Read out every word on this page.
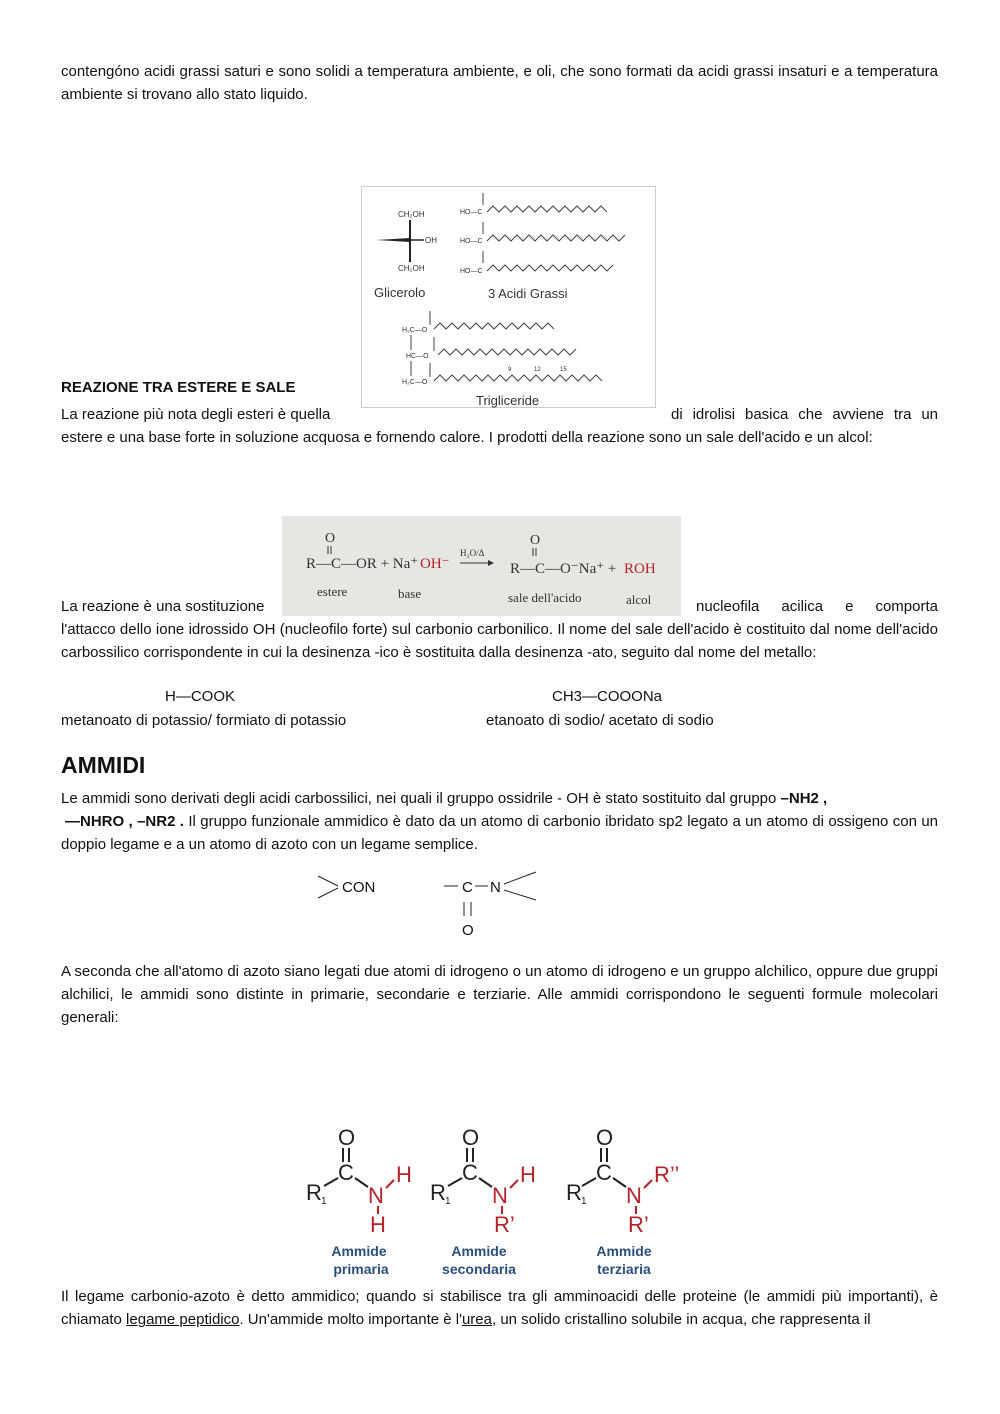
contengóno acidi grassi saturi e sono solidi a temperatura ambiente, e oli, che sono formati da acidi grassi insaturi e a temperatura ambiente si trovano allo stato liquido.
CH₂OH
OH
CH₂OH
Glicerolo
HO—C
HO—C
HO—C
3 Acidi Grassi
H₂C—O
HC—O
H₂C—O
9	12	15
Trigliceride
REAZIONE TRA ESTERE E SALE
La reazione più nota degli esteri è quella	di idrolisi basica che avviene tra un
estere e una base forte in soluzione acquosa e fornendo calore. I prodotti della reazione sono un sale dell'acido e un alcol:
O
R—C—OR + Na⁺ OH⁻
H₂O/Δ
O
R—C—O⁻Na⁺ + ROH
estere	base	sale dell'acido	alcol
La reazione è una sostituzione	nucleofila acilica e comporta
l'attacco dello ione idrossido OH (nucleofilo forte) sul carbonio carbonilico. Il nome del sale dell'acido è costituito dal nome dell'acido carbossilico corrispondente in cui la desinenza -ico è sostituita dalla desinenza -ato, seguito dal nome del metallo:
H—COOK	CH3—COOONa
metanoato di potassio/ formiato di potassio	etanoato di sodio/ acetato di sodio
AMMIDI
Le ammidi sono derivati degli acidi carbossilici, nei quali il gruppo ossidrile - OH è stato sostituito dal gruppo –NH2 ,
—NHRO , –NR2 . Il gruppo funzionale ammidico è dato da un atomo di carbonio ibridato sp2 legato a un atomo di ossigeno con un doppio legame e a un atomo di azoto con un legame semplice.
CON	C N
O
A seconda che all'atomo di azoto siano legati due atomi di idrogeno o un atomo di idrogeno e un gruppo alchilico, oppure due gruppi alchilici, le ammidi sono distinte in primarie, secondarie e terziarie. Alle ammidi corrispondono le seguenti formule molecolari generali:
O
C
R 1 N
H
H
O
C
R 1 N
H
R’
O
C
R 1 N
R’’
R’
Ammide
primaria
Ammide
secondaria
Ammide
terziaria
Il legame carbonio-azoto è detto ammidico; quando si stabilisce tra gli amminoacidi delle proteine (le ammidi più importanti), è chiamato legame peptidico. Un'ammide molto importante è l'urea, un solido cristallino solubile in acqua, che rappresenta il
